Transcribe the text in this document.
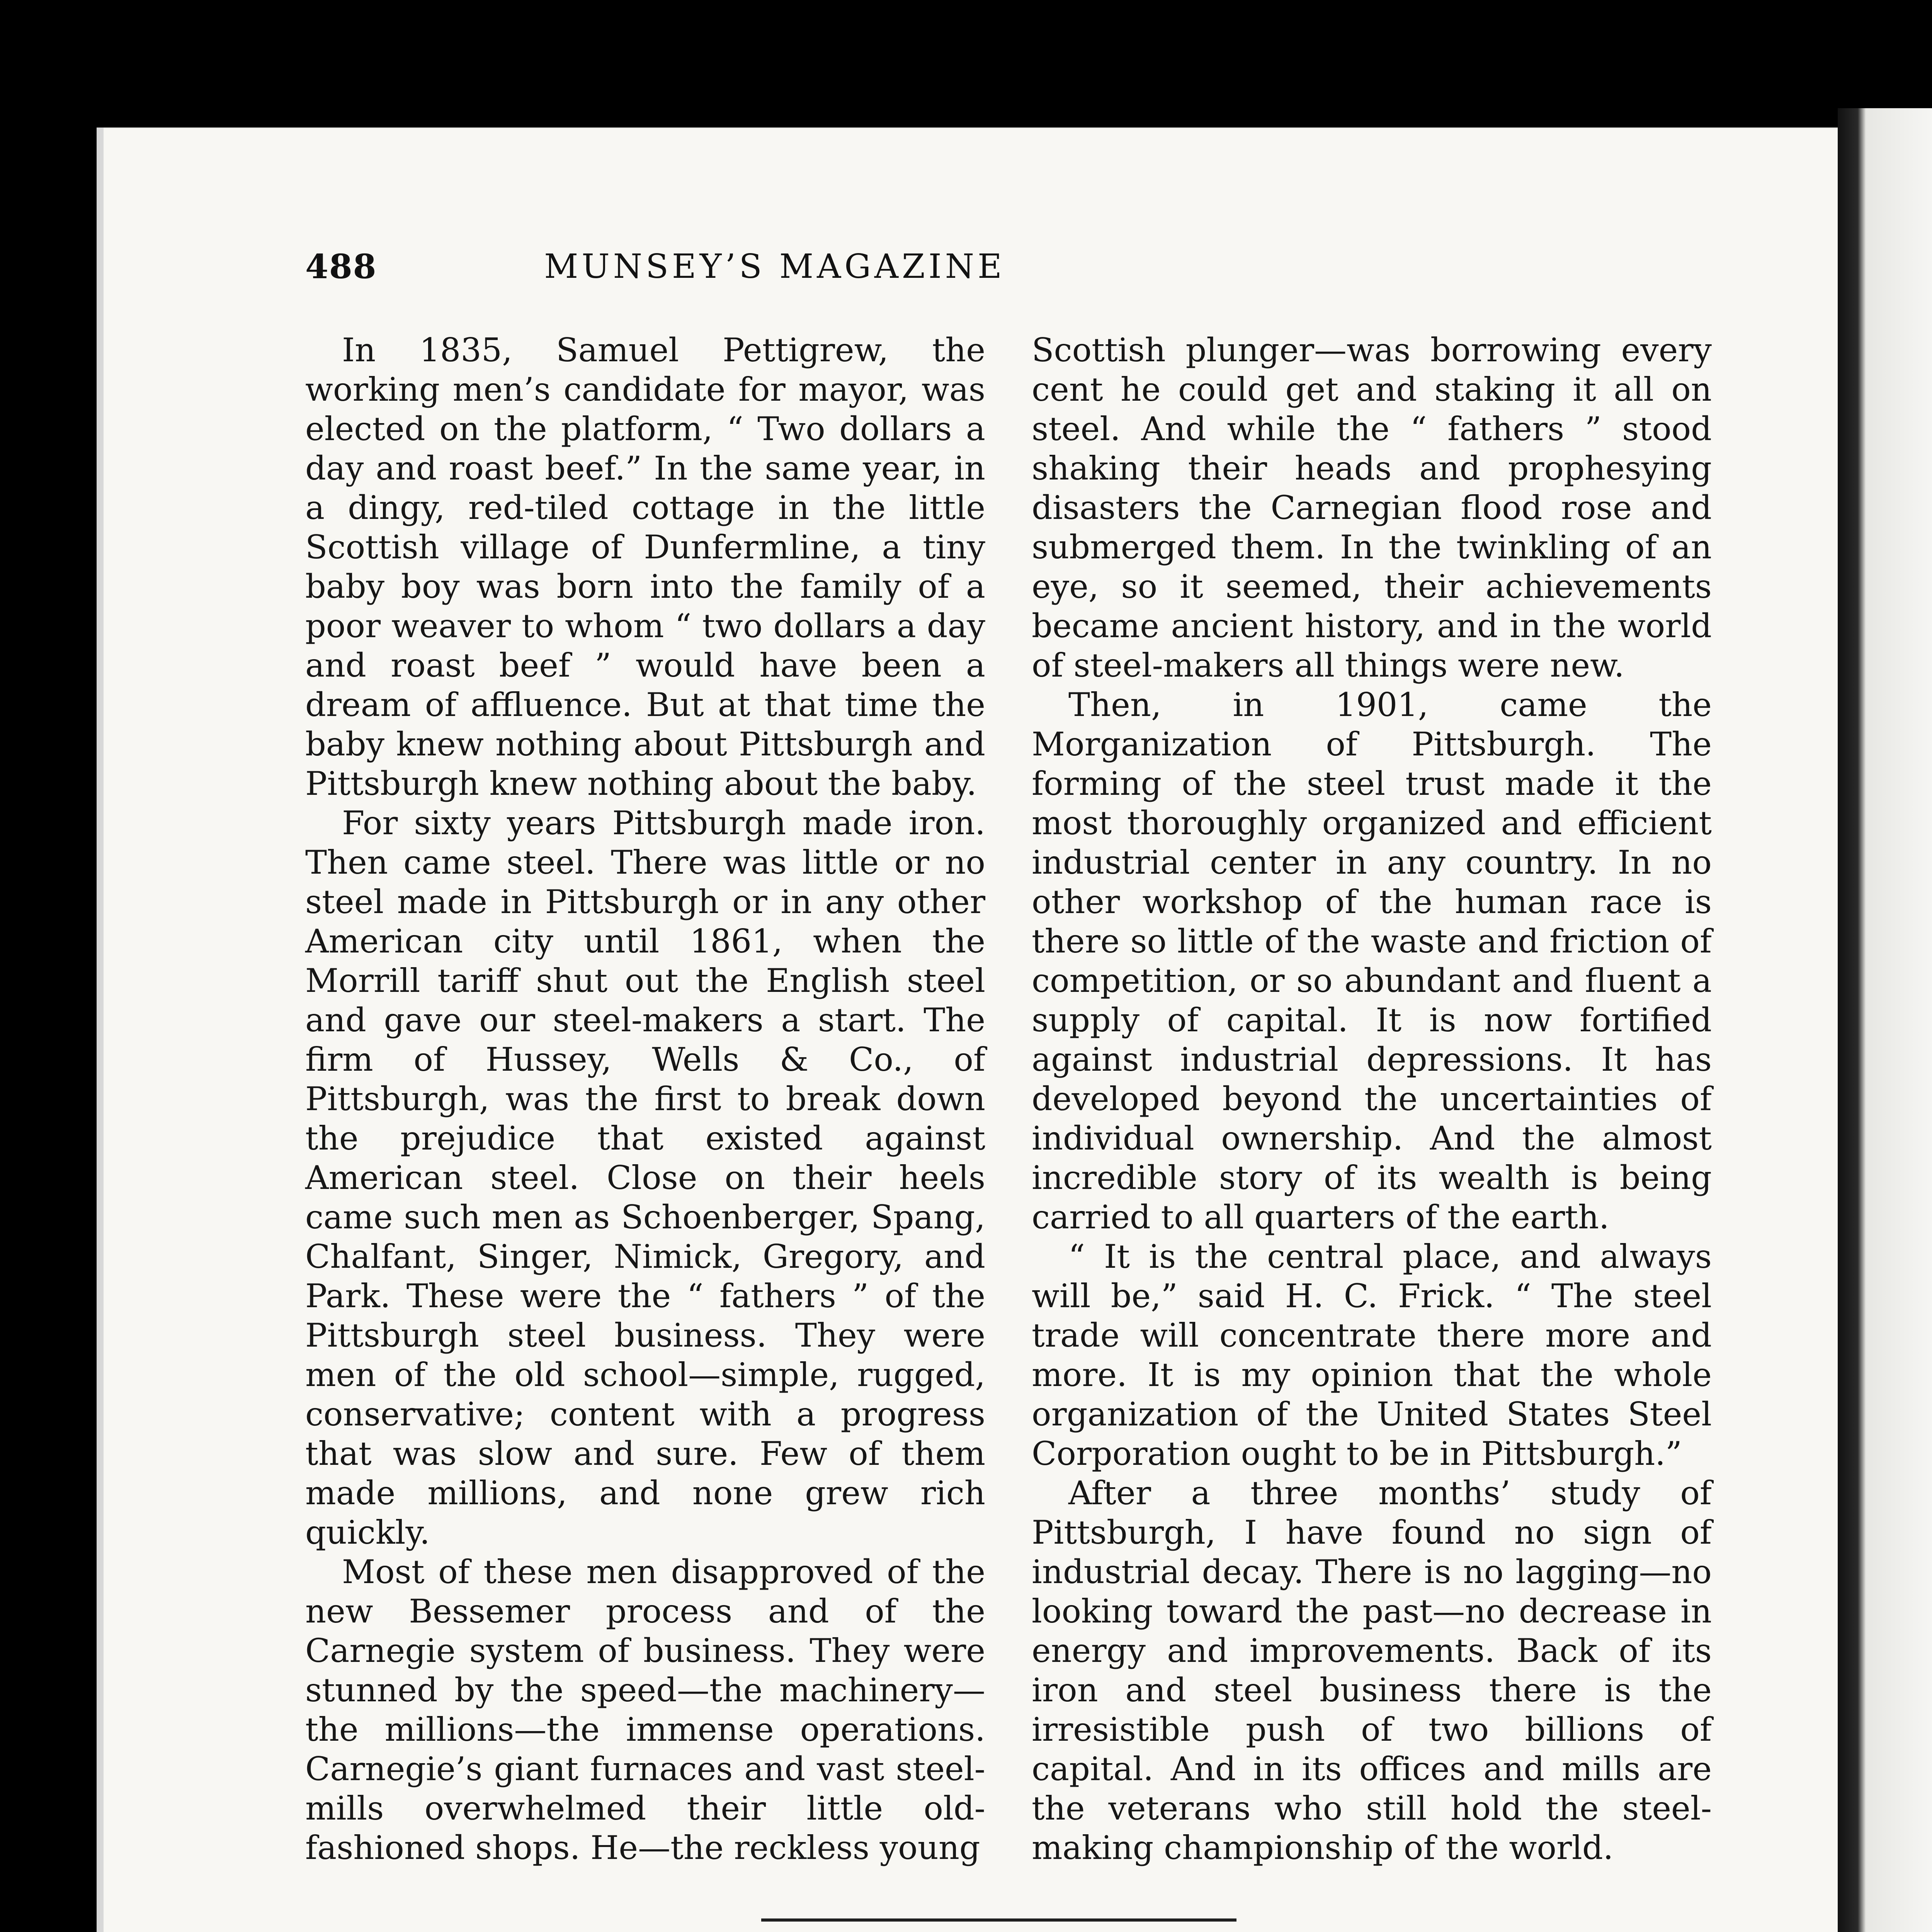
488	MUNSEY’S MAGAZINE

In 1835, Samuel Pettigrew, the working men’s candidate for mayor, was elected on the platform, “ Two dollars a day and roast beef.” In the same year, in a dingy, red-tiled cottage in the little Scottish village of Dunfermline, a tiny baby boy was born into the family of a poor weaver to whom “ two dollars a day and roast beef ” would have been a dream of affluence. But at that time the baby knew nothing about Pittsburgh and Pittsburgh knew nothing about the baby.

For sixty years Pittsburgh made iron. Then came steel. There was little or no steel made in Pittsburgh or in any other American city until 1861, when the Morrill tariff shut out the English steel and gave our steel-makers a start. The firm of Hussey, Wells & Co., of Pittsburgh, was the first to break down the prejudice that existed against American steel. Close on their heels came such men as Schoenberger, Spang, Chalfant, Singer, Nimick, Gregory, and Park. These were the “ fathers ” of the Pittsburgh steel business. They were men of the old school—simple, rugged, conservative; content with a progress that was slow and sure. Few of them made millions, and none grew rich quickly.

Most of these men disapproved of the new Bessemer process and of the Carnegie system of business. They were stunned by the speed—the machinery—the millions—the immense operations. Carnegie’s giant furnaces and vast steel-mills overwhelmed their little old-fashioned shops. He—the reckless young

Scottish plunger—was borrowing every cent he could get and staking it all on steel. And while the “ fathers ” stood shaking their heads and prophesying disasters the Carnegian flood rose and submerged them. In the twinkling of an eye, so it seemed, their achievements became ancient history, and in the world of steel-makers all things were new.

Then, in 1901, came the Morganization of Pittsburgh. The forming of the steel trust made it the most thoroughly organized and efficient industrial center in any country. In no other workshop of the human race is there so little of the waste and friction of competition, or so abundant and fluent a supply of capital. It is now fortified against industrial depressions. It has developed beyond the uncertainties of individual ownership. And the almost incredible story of its wealth is being carried to all quarters of the earth.

“ It is the central place, and always will be,” said H. C. Frick. “ The steel trade will concentrate there more and more. It is my opinion that the whole organization of the United States Steel Corporation ought to be in Pittsburgh.”

After a three months’ study of Pittsburgh, I have found no sign of industrial decay. There is no lagging—no looking toward the past—no decrease in energy and improvements. Back of its iron and steel business there is the irresistible push of two billions of capital. And in its offices and mills are the veterans who still hold the steel-making championship of the world.
